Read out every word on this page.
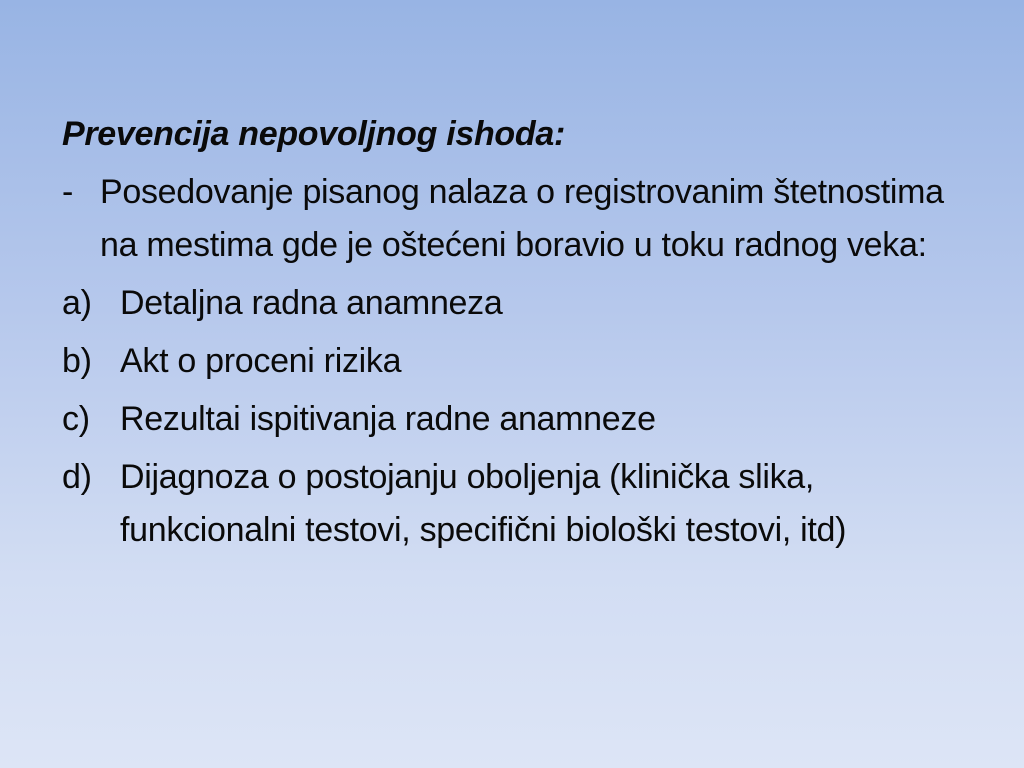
Prevencija nepovoljnog ishoda:
- Posedovanje pisanog nalaza o registrovanim štetnostima na mestima gde je oštećeni boravio u toku radnog veka:
a) Detaljna radna anamneza
b) Akt o proceni rizika
c) Rezultai ispitivanja radne anamneze
d) Dijagnoza o postojanju oboljenja (klinička slika, funkcionalni testovi, specifični biološki testovi, itd)
